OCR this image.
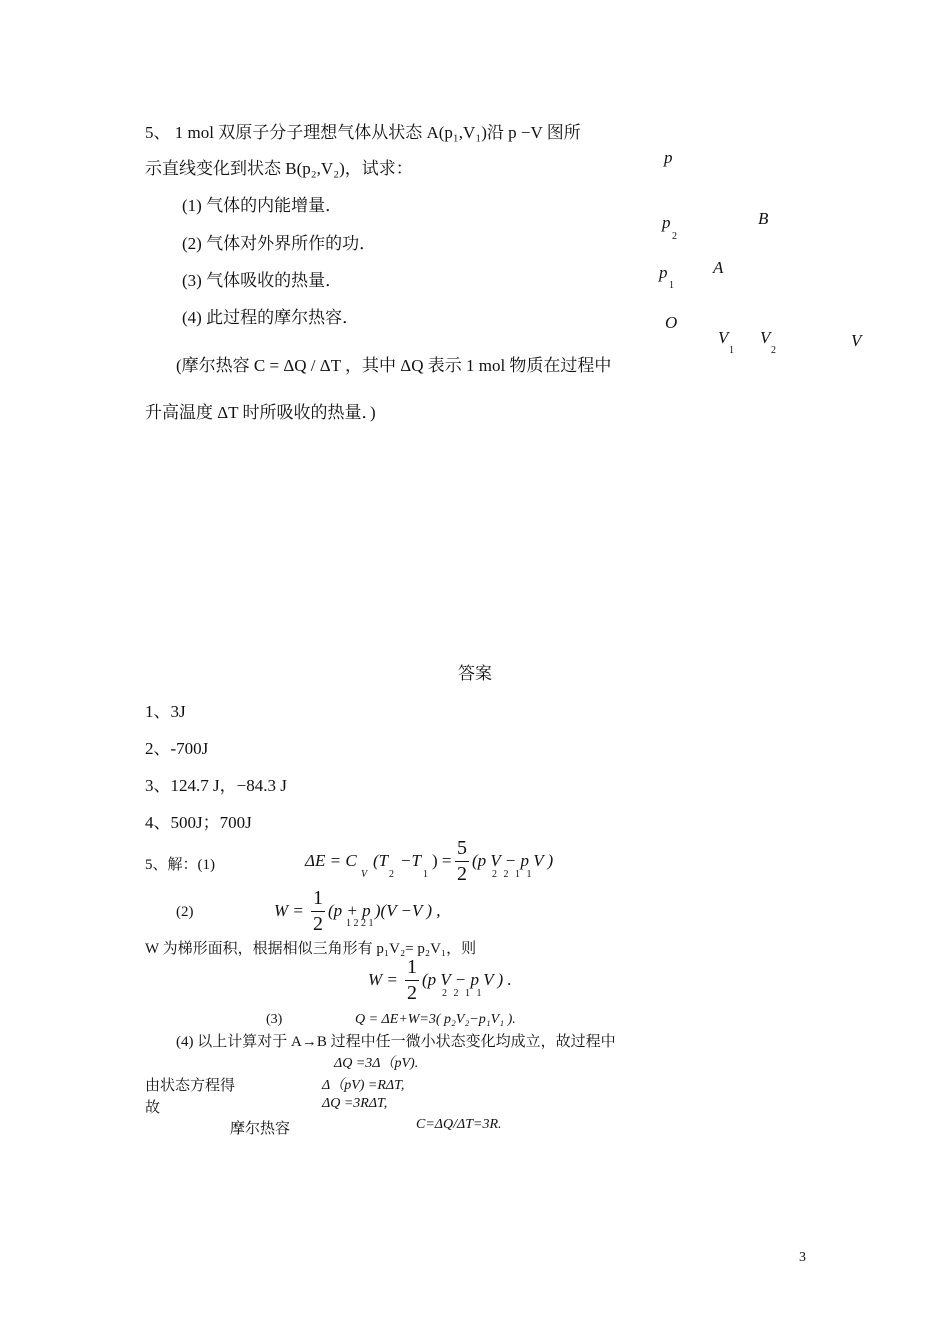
5、 1 mol 双原子分子理想气体从状态 A(p₁,V₁)沿 p −V 图所
示直线变化到状态 B(p₂,V₂)，试求：
(1) 气体的内能增量．
(2) 气体对外界所作的功．
(3) 气体吸收的热量．
(4) 此过程的摩尔热容．
(摩尔热容 C = ΔQ / ΔT ，其中 ΔQ 表示 1 mol 物质在过程中
升高温度 ΔT 时所吸收的热量．)
p
p
2
B
p
1
A
O
V
1
V
2
V
答案
1、3J
2、-700J
3、124.7 J，−84.3 J
4、500J；700J
5、解：(1)	ΔE = C
V
(T
2
−T
1
) =
5
2
(p V − p V )
2 2 1 1
(2)	W =
1
2
(p + p )(V −V ) ,
1 2 2 1
W 为梯形面积，根据相似三角形有 p₁V₂= p₂V₁，则
W =
1
2
(p V − p V ) .
2 2 1 1
(3)	Q = ΔE+W=3( p₂V₂−p₁V₁ ).
(4) 以上计算对于 A→B 过程中任一微小状态变化均成立，故过程中
ΔQ =3Δ（pV).
由状态方程得	Δ（pV) =RΔT,
故	ΔQ =3RΔT,
摩尔热容	C=ΔQ/ΔT=3R.
3
